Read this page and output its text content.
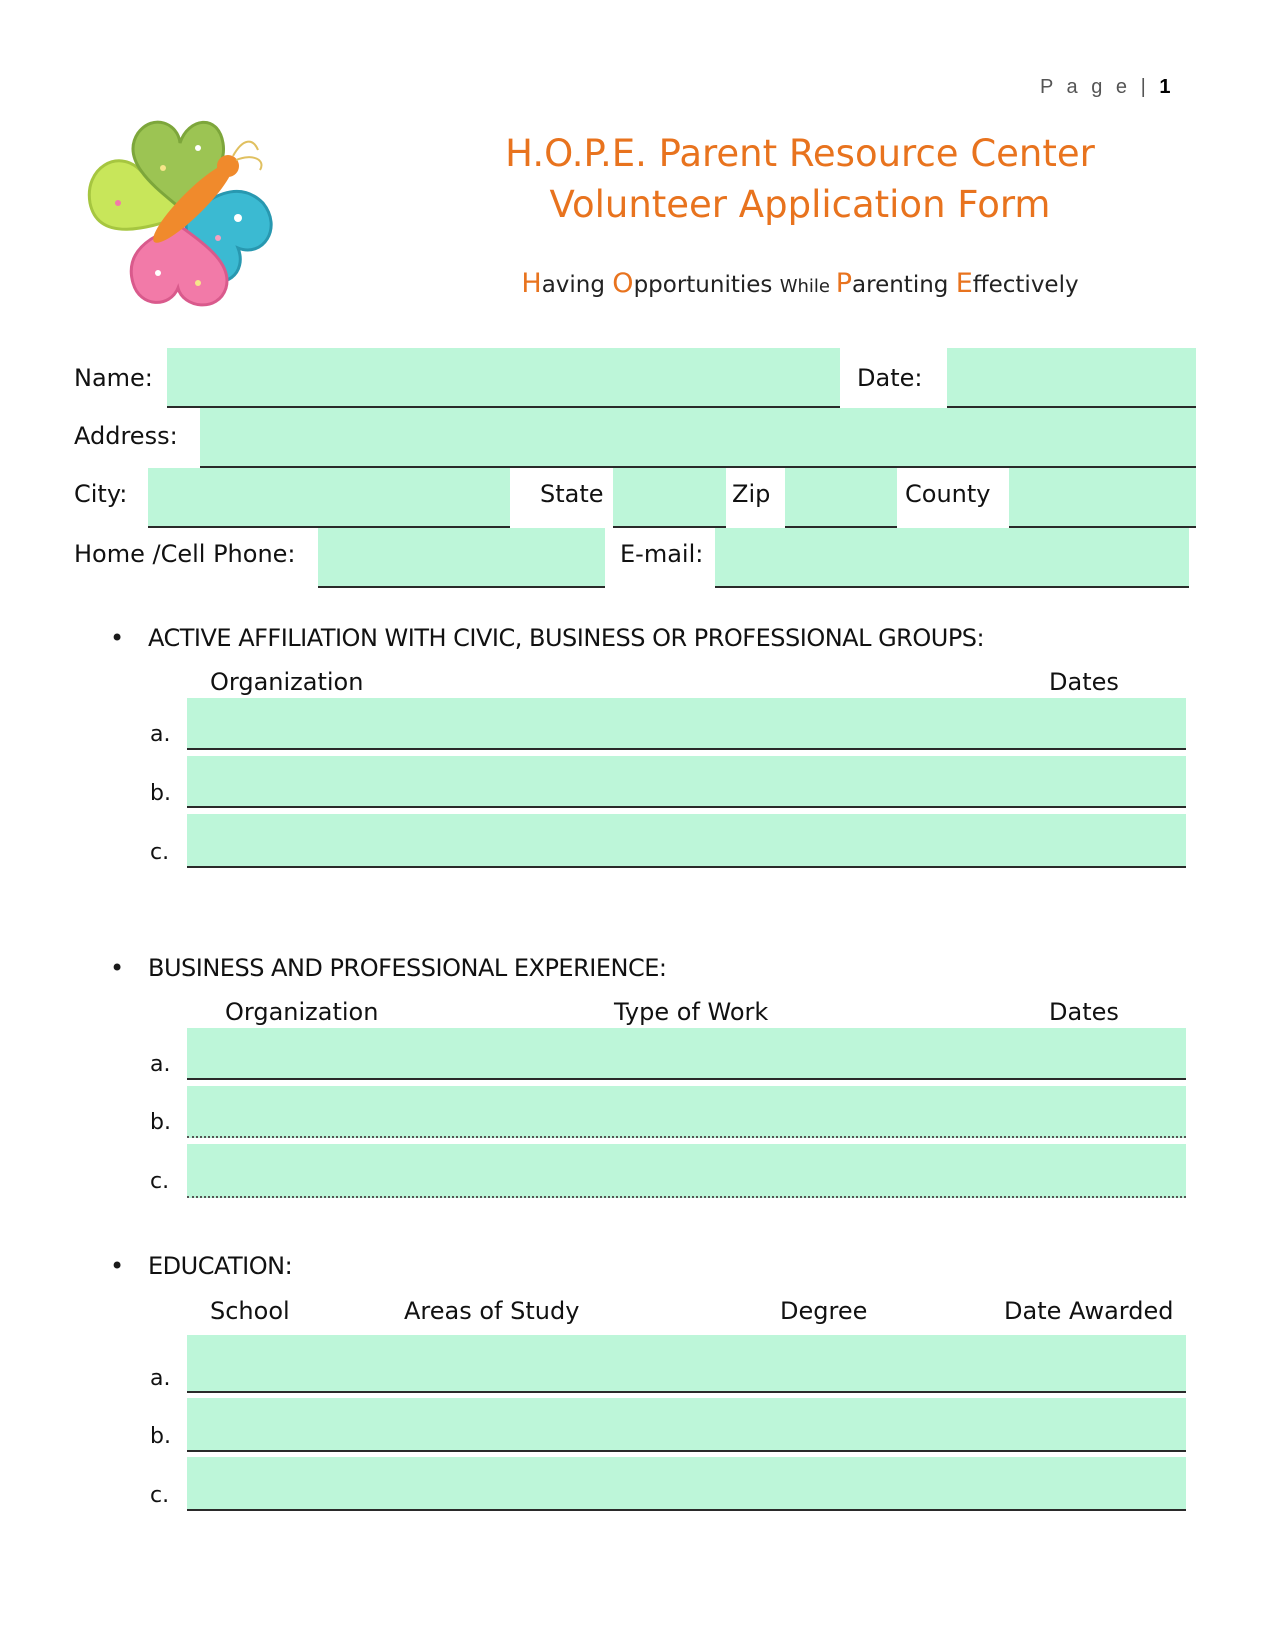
P a g e | 1
H.O.P.E. Parent Resource Center
Volunteer Application Form
Having Opportunities While Parenting Effectively
Name:	Date:
Address:
City:	State	Zip	County
Home /Cell Phone:	E-mail:
• ACTIVE AFFILIATION WITH CIVIC, BUSINESS OR PROFESSIONAL GROUPS:
Organization	Dates
a.
b.
c.
• BUSINESS AND PROFESSIONAL EXPERIENCE:
Organization	Type of Work	Dates
a.
b.
c.
• EDUCATION:
School	Areas of Study	Degree	Date Awarded
a.
b.
c.
